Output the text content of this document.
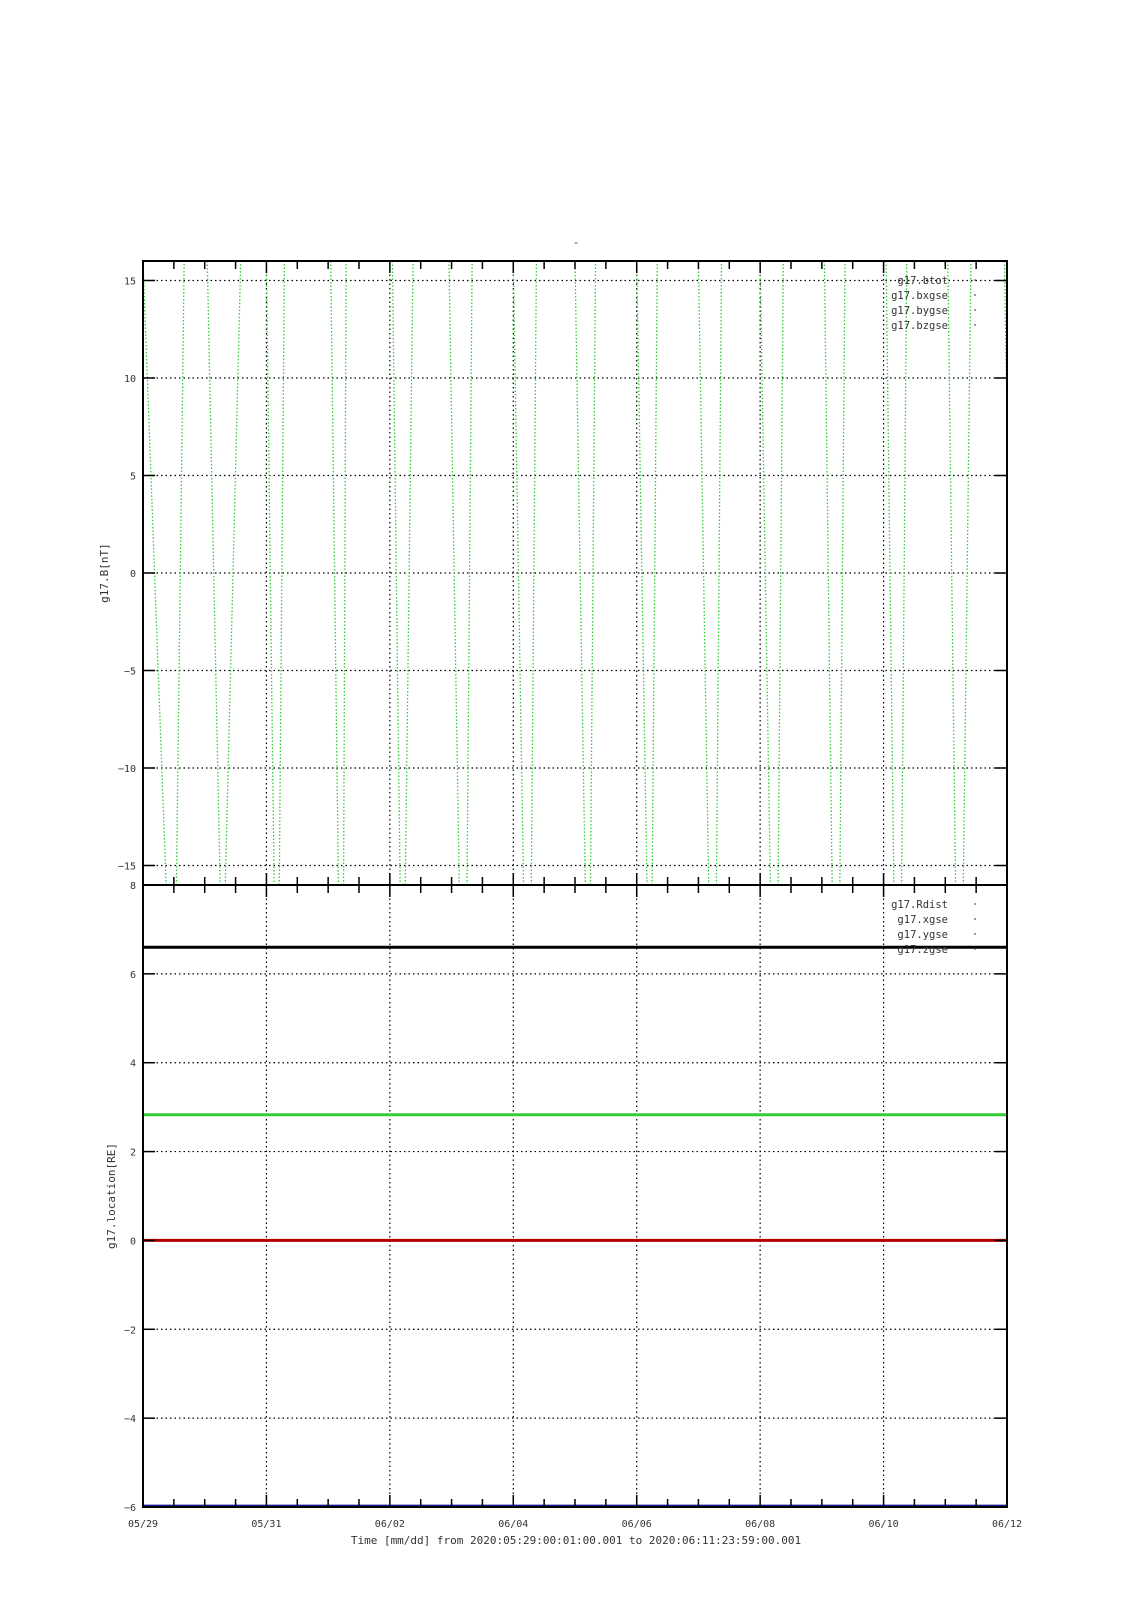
-
−15
−10
−5
0
5
10
15	g17.btot
g17.bxgse
g17.bygse
g17.bzgse
g17.B[nT]
−6
−4
−2
0
2
4
6
8
g17.Rdist
g17.xgse
g17.ygse
g17.zgse
g17.location[RE]
05/29	05/31	06/02	06/04	06/06	06/08	06/10	06/12
Time [mm/dd] from 2020:05:29:00:01:00.001 to 2020:06:11:23:59:00.001
